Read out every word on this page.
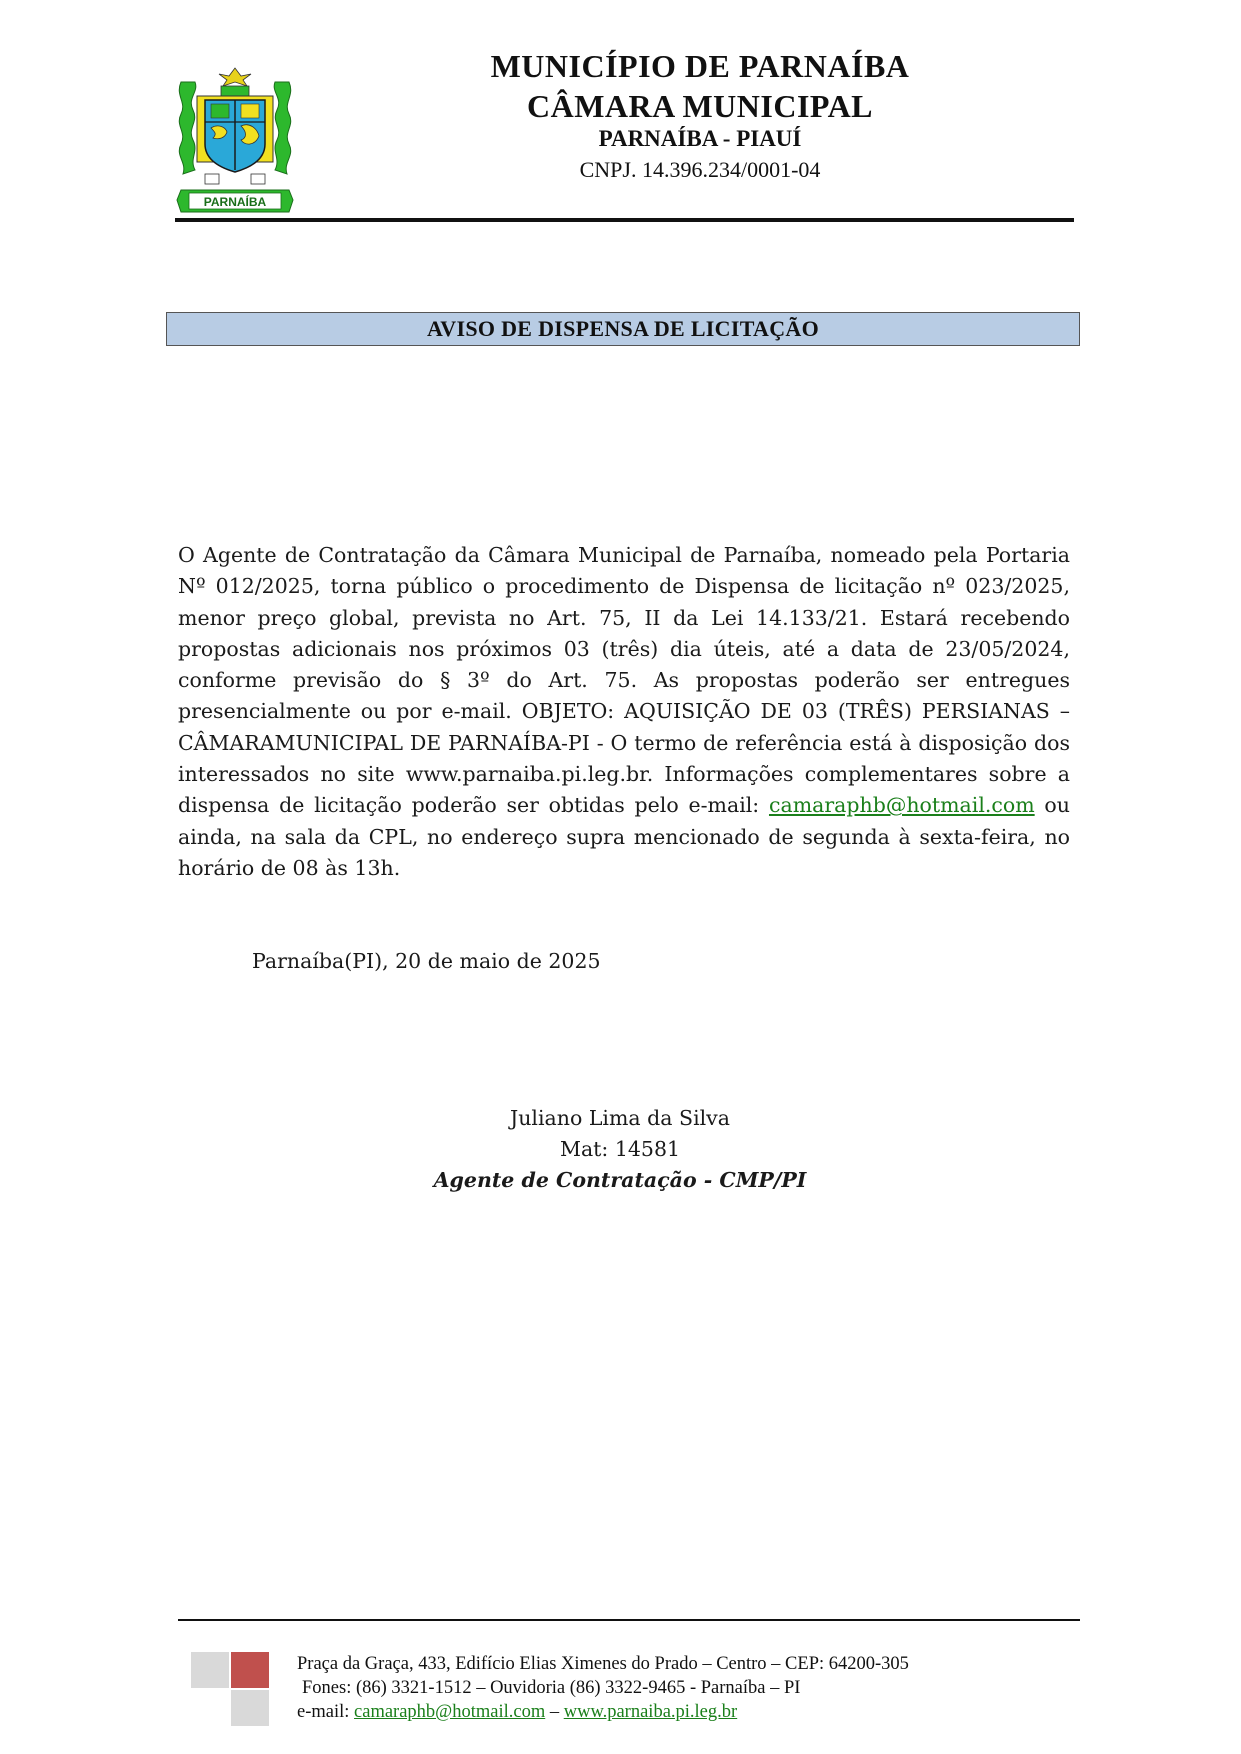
PARNAÍBA
MUNICÍPIO DE PARNAÍBA
CÂMARA MUNICIPAL
PARNAÍBA - PIAUÍ
CNPJ. 14.396.234/0001-04
AVISO DE DISPENSA DE LICITAÇÃO
O Agente de Contratação da Câmara Municipal de Parnaíba, nomeado pela Portaria Nº 012/2025, torna público o procedimento de Dispensa de licitação nº 023/2025, menor preço global, prevista no Art. 75, II da Lei 14.133/21. Estará recebendo propostas adicionais nos próximos 03 (três) dia úteis, até a data de 23/05/2024, conforme previsão do § 3º do Art. 75. As propostas poderão ser entregues presencialmente ou por e-mail. OBJETO: AQUISIÇÃO DE 03 (TRÊS) PERSIANAS – CÂMARAMUNICIPAL DE PARNAÍBA-PI - O termo de referência está à disposição dos interessados no site www.parnaiba.pi.leg.br. Informações complementares sobre a dispensa de licitação poderão ser obtidas pelo e-mail: camaraphb@hotmail.com ou ainda, na sala da CPL, no endereço supra mencionado de segunda à sexta-feira, no horário de 08 às 13h.
Parnaíba(PI), 20 de maio de 2025
Juliano Lima da Silva
Mat: 14581
Agente de Contratação - CMP/PI
Praça da Graça, 433, Edifício Elias Ximenes do Prado – Centro – CEP: 64200-305
Fones: (86) 3321-1512 – Ouvidoria (86) 3322-9465 - Parnaíba – PI
e-mail: camaraphb@hotmail.com – www.parnaiba.pi.leg.br
